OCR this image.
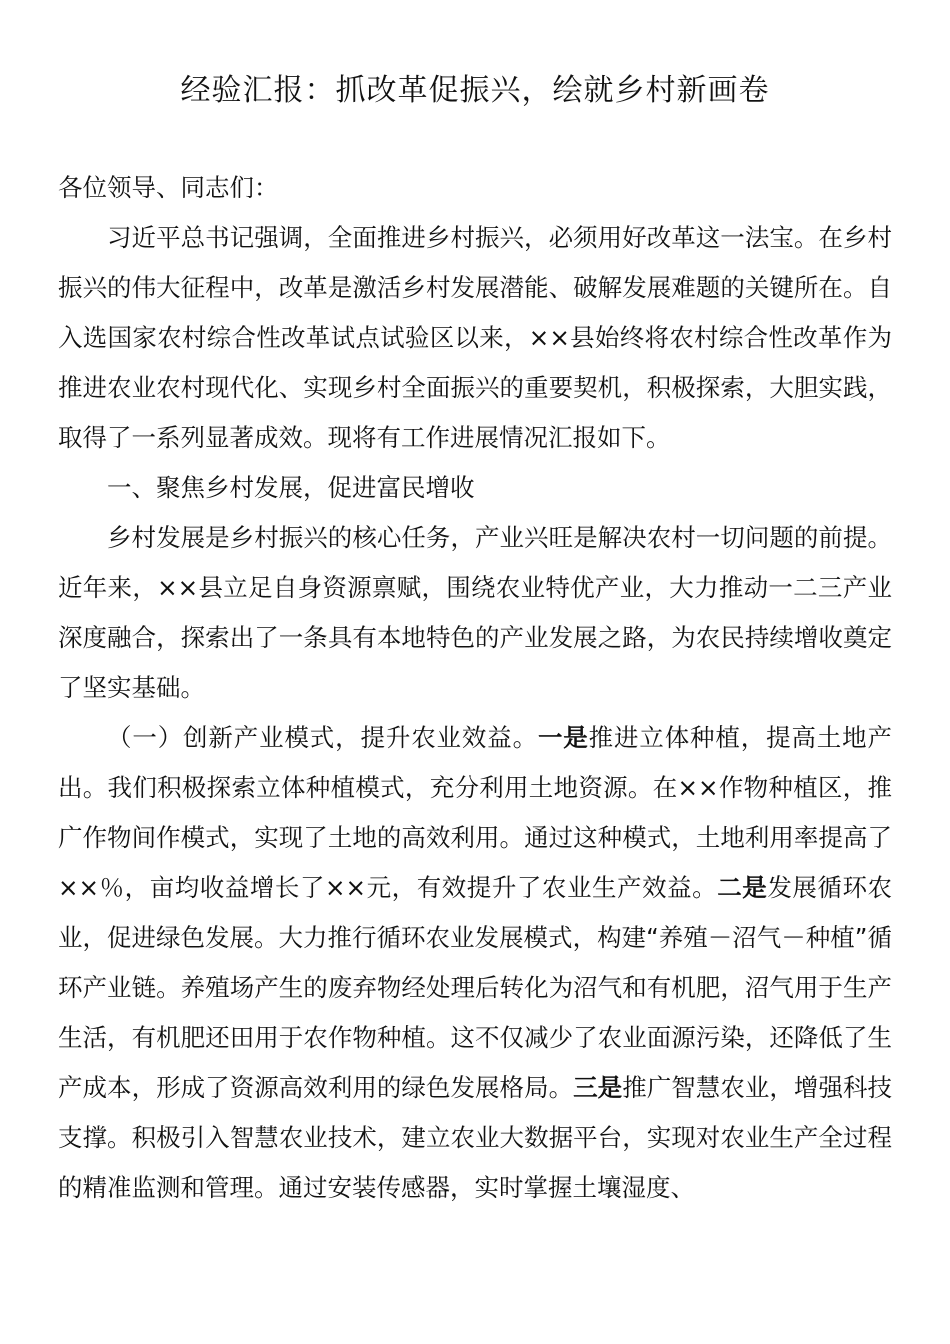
经验汇报：抓改革促振兴，绘就乡村新画卷

各位领导、同志们：

习近平总书记强调，全面推进乡村振兴，必须用好改革这一法宝。在乡村振兴的伟大征程中，改革是激活乡村发展潜能、破解发展难题的关键所在。自入选国家农村综合性改革试点试验区以来，××县始终将农村综合性改革作为推进农业农村现代化、实现乡村全面振兴的重要契机，积极探索，大胆实践，取得了一系列显著成效。现将有工作进展情况汇报如下。

一、聚焦乡村发展，促进富民增收

乡村发展是乡村振兴的核心任务，产业兴旺是解决农村一切问题的前提。近年来，××县立足自身资源禀赋，围绕农业特优产业，大力推动一二三产业深度融合，探索出了一条具有本地特色的产业发展之路，为农民持续增收奠定了坚实基础。

（一）创新产业模式，提升农业效益。一是推进立体种植，提高土地产出。我们积极探索立体种植模式，充分利用土地资源。在××作物种植区，推广作物间作模式，实现了土地的高效利用。通过这种模式，土地利用率提高了××％，亩均收益增长了××元，有效提升了农业生产效益。二是发展循环农业，促进绿色发展。大力推行循环农业发展模式，构建“养殖－沼气－种植”循环产业链。养殖场产生的废弃物经处理后转化为沼气和有机肥，沼气用于生产生活，有机肥还田用于农作物种植。这不仅减少了农业面源污染，还降低了生产成本，形成了资源高效利用的绿色发展格局。三是推广智慧农业，增强科技支撑。积极引入智慧农业技术，建立农业大数据平台，实现对农业生产全过程的精准监测和管理。通过安装传感器，实时掌握土壤湿度、
